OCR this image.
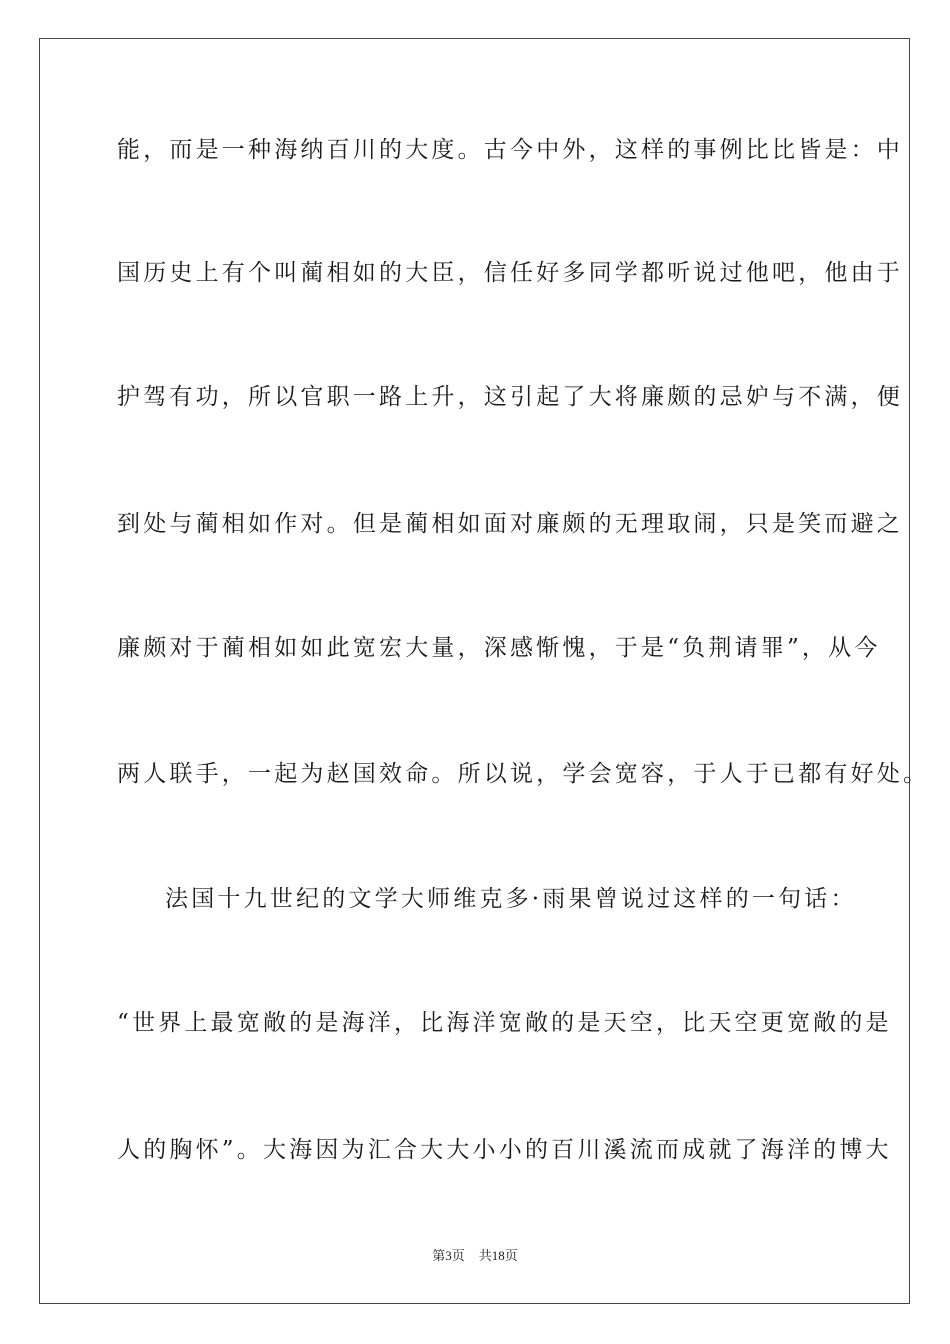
能，而是一种海纳百川的大度。古今中外，这样的事例比比皆是：中
国历史上有个叫蔺相如的大臣，信任好多同学都听说过他吧，他由于
护驾有功，所以官职一路上升，这引起了大将廉颇的忌妒与不满，便
到处与蔺相如作对。但是蔺相如面对廉颇的无理取闹，只是笑而避之
廉颇对于蔺相如如此宽宏大量，深感惭愧，于是“负荆请罪”，从今
两人联手，一起为赵国效命。所以说，学会宽容，于人于已都有好处。
法国十九世纪的文学大师维克多·雨果曾说过这样的一句话：
“世界上最宽敞的是海洋，比海洋宽敞的是天空，比天空更宽敞的是
人的胸怀”。大海因为汇合大大小小的百川溪流而成就了海洋的博大
第3页 共18页
